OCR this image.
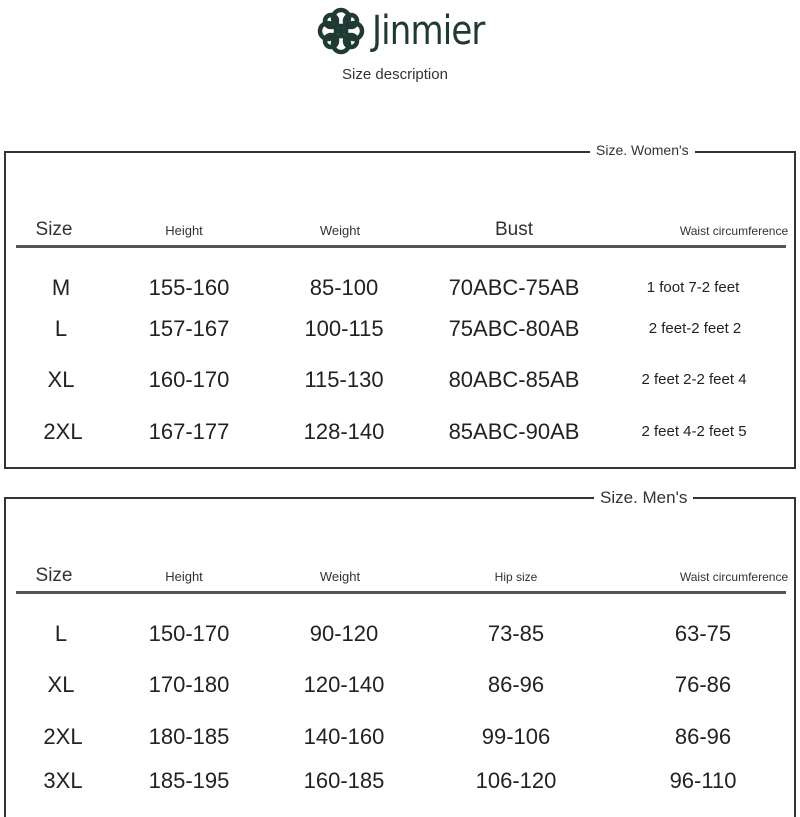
Jinmier
Size description
Size. Women's
Size	Height	Weight	Bust	Waist circumference
M	155-160	85-100	70ABC-75AB	1 foot 7-2 feet
L	157-167	100-115	75ABC-80AB	2 feet-2 feet 2
XL	160-170	115-130	80ABC-85AB	2 feet 2-2 feet 4
2XL	167-177	128-140	85ABC-90AB	2 feet 4-2 feet 5
Size. Men's
Size	Height	Weight	Hip size	Waist circumference
L	150-170	90-120	73-85	63-75
XL	170-180	120-140	86-96	76-86
2XL	180-185	140-160	99-106	86-96
3XL	185-195	160-185	106-120	96-110
